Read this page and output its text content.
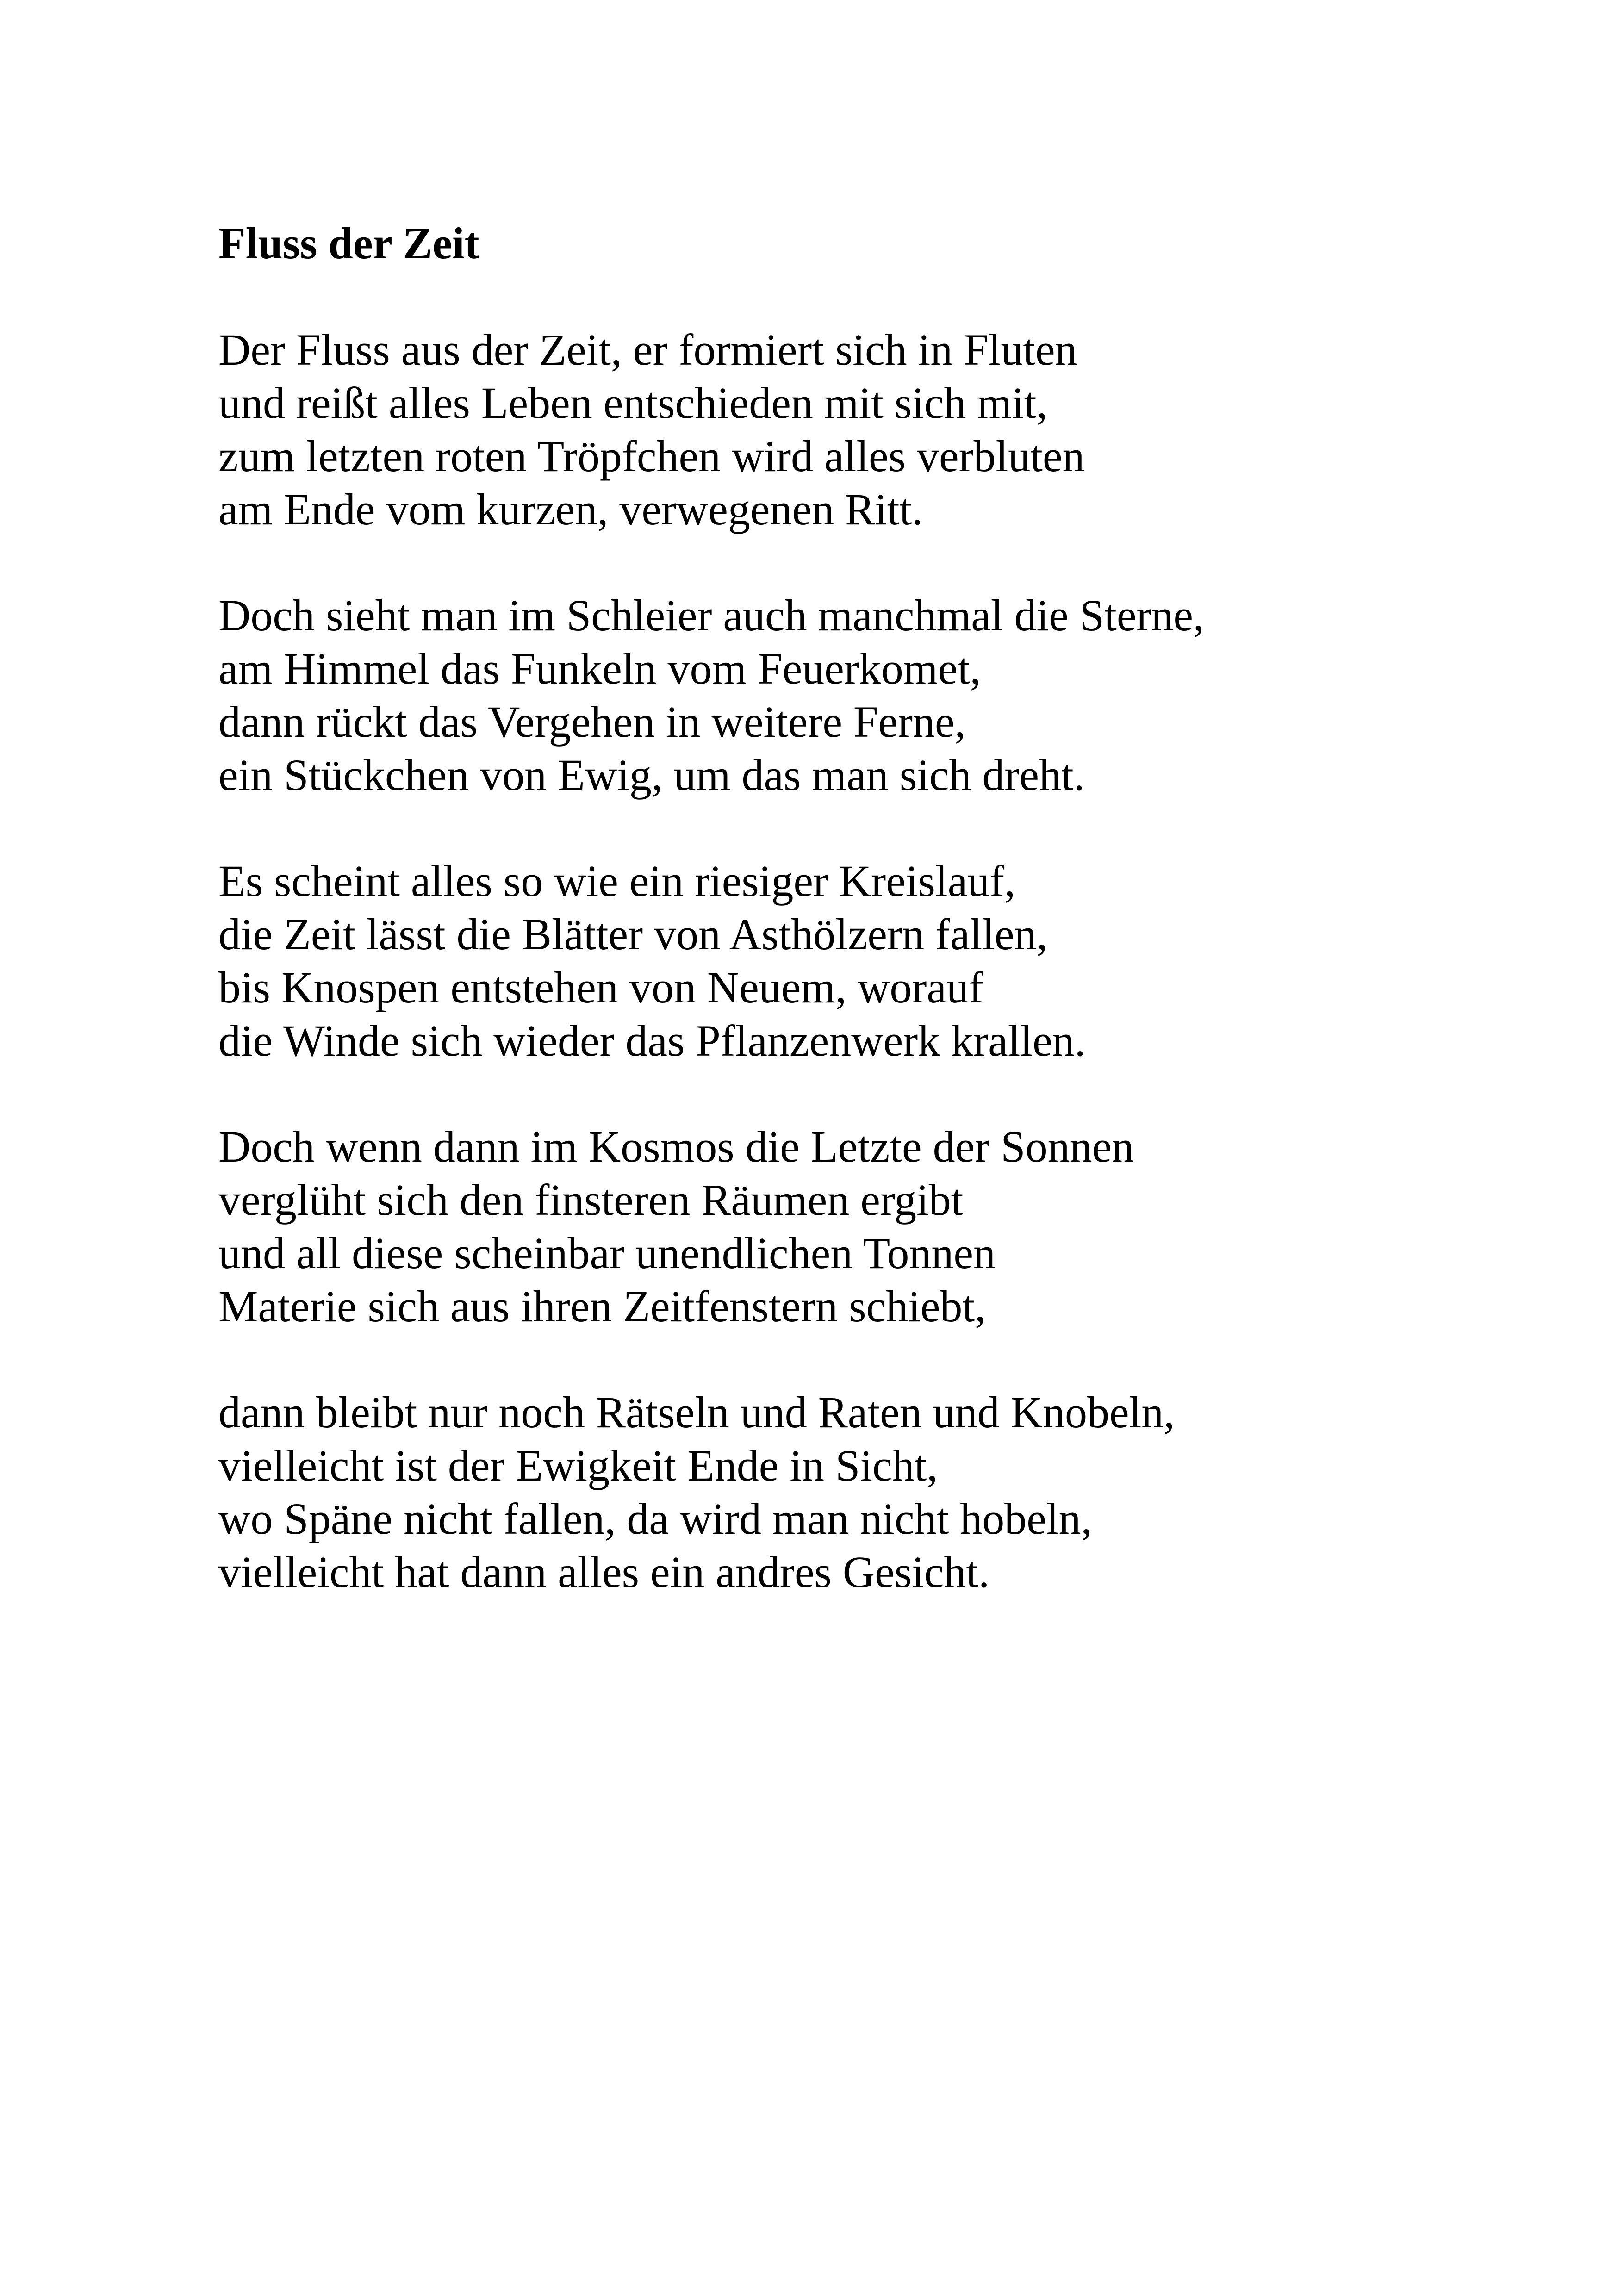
Fluss der Zeit
Der Fluss aus der Zeit, er formiert sich in Fluten
und reißt alles Leben entschieden mit sich mit,
zum letzten roten Tröpfchen wird alles verbluten
am Ende vom kurzen, verwegenen Ritt.
Doch sieht man im Schleier auch manchmal die Sterne,
am Himmel das Funkeln vom Feuerkomet,
dann rückt das Vergehen in weitere Ferne,
ein Stückchen von Ewig, um das man sich dreht.
Es scheint alles so wie ein riesiger Kreislauf,
die Zeit lässt die Blätter von Asthölzern fallen,
bis Knospen entstehen von Neuem, worauf
die Winde sich wieder das Pflanzenwerk krallen.
Doch wenn dann im Kosmos die Letzte der Sonnen
verglüht sich den finsteren Räumen ergibt
und all diese scheinbar unendlichen Tonnen
Materie sich aus ihren Zeitfenstern schiebt,
dann bleibt nur noch Rätseln und Raten und Knobeln,
vielleicht ist der Ewigkeit Ende in Sicht,
wo Späne nicht fallen, da wird man nicht hobeln,
vielleicht hat dann alles ein andres Gesicht.
